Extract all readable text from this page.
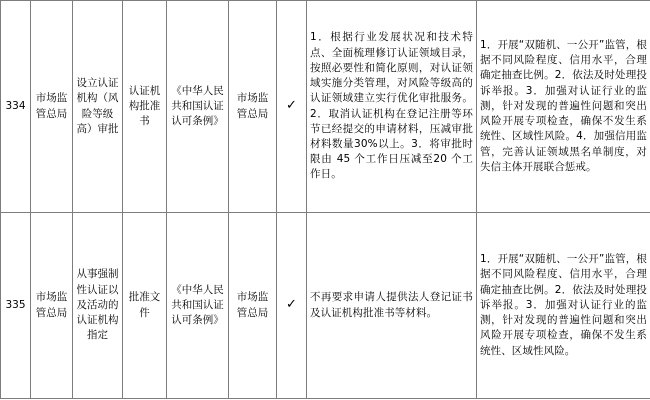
334	市场监管总局	设立认证机构（风险等级高）审批	认证机构批准书	《中华人民共和国认证认可条例》	市场监管总局	✓	1．根据行业发展状况和技术特点、全面梳理修订认证领域目录，按照必要性和简化原则，对认证领域实施分类管理，对风险等级高的认证领域建立实行优化审批服务。2．取消认证机构在登记注册等环节已经提交的申请材料，压减审批材料数量30%以上。3．将审批时限由 45 个工作日压减至20 个工作日。	1．开展“双随机、一公开”监管，根据不同风险程度、信用水平，合理确定抽查比例。2．依法及时处理投诉举报。3．加强对认证行业的监测，针对发现的普遍性问题和突出风险开展专项检查，确保不发生系统性、区域性风险。4．加强信用监管，完善认证领域黑名单制度，对失信主体开展联合惩戒。

335	市场监管总局	从事强制性认证以及活动的认证机构指定	批准文件	《中华人民共和国认证认可条例》	市场监管总局	✓	不再要求申请人提供法人登记证书及认证机构批准书等材料。	1．开展“双随机、一公开”监管，根据不同风险程度、信用水平，合理确定抽查比例。2．依法及时处理投诉举报。3．加强对认证行业的监测，针对发现的普遍性问题和突出风险开展专项检查，确保不发生系统性、区域性风险。
